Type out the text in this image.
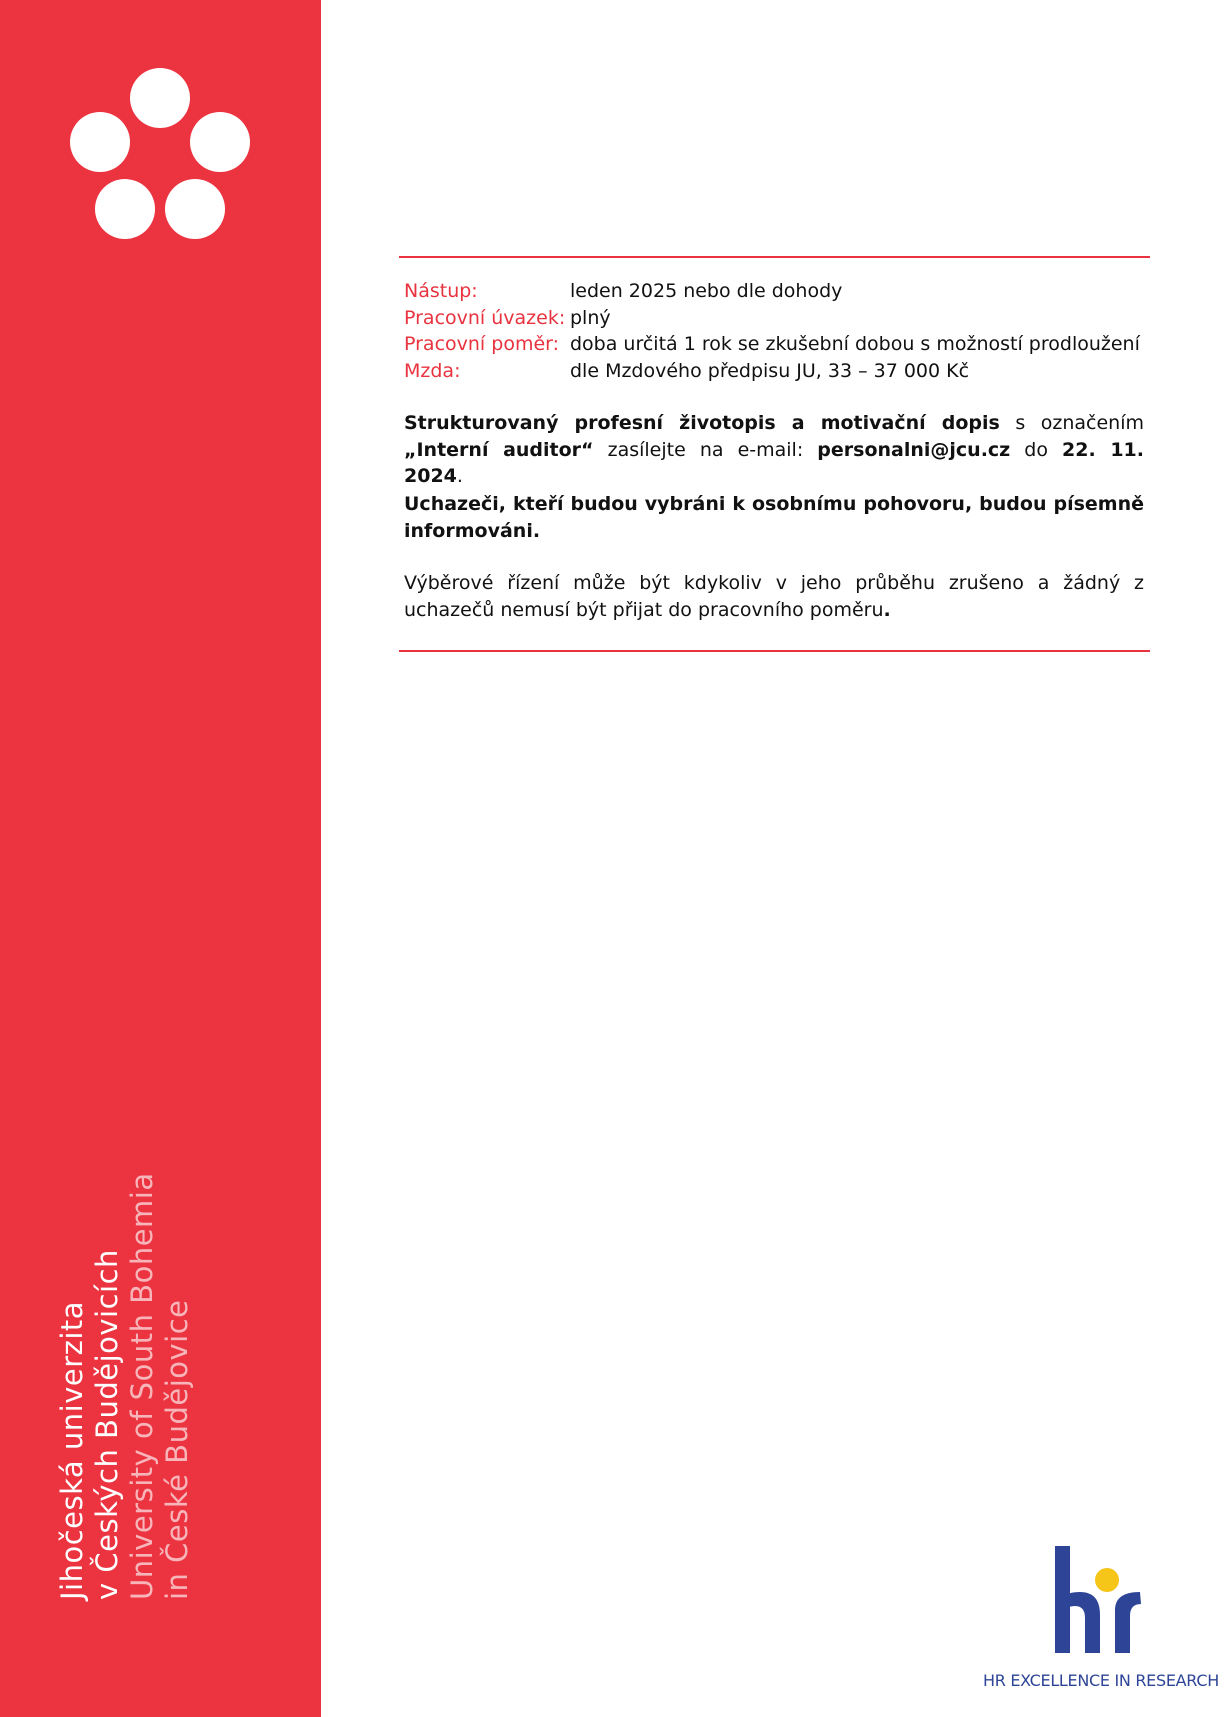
Jihočeská univerzita v Českých Budějovicích University of South Bohemia in České Budějovice
Nástup:	leden 2025 nebo dle dohody
Pracovní úvazek: plný
Pracovní poměr: doba určitá 1 rok se zkušební dobou s možností prodloužení
Mzda:	dle Mzdového předpisu JU, 33 – 37 000 Kč
Strukturovaný profesní životopis a motivační dopis s označením „Interní auditor“ zasílejte na e-mail: personalni@jcu.cz do 22. 11. 2024.
Uchazeči, kteří budou vybráni k osobnímu pohovoru, budou písemně informováni.
Výběrové řízení může být kdykoliv v jeho průběhu zrušeno a žádný z uchazečů nemusí být přijat do pracovního poměru.
HR EXCELLENCE IN RESEARCH
